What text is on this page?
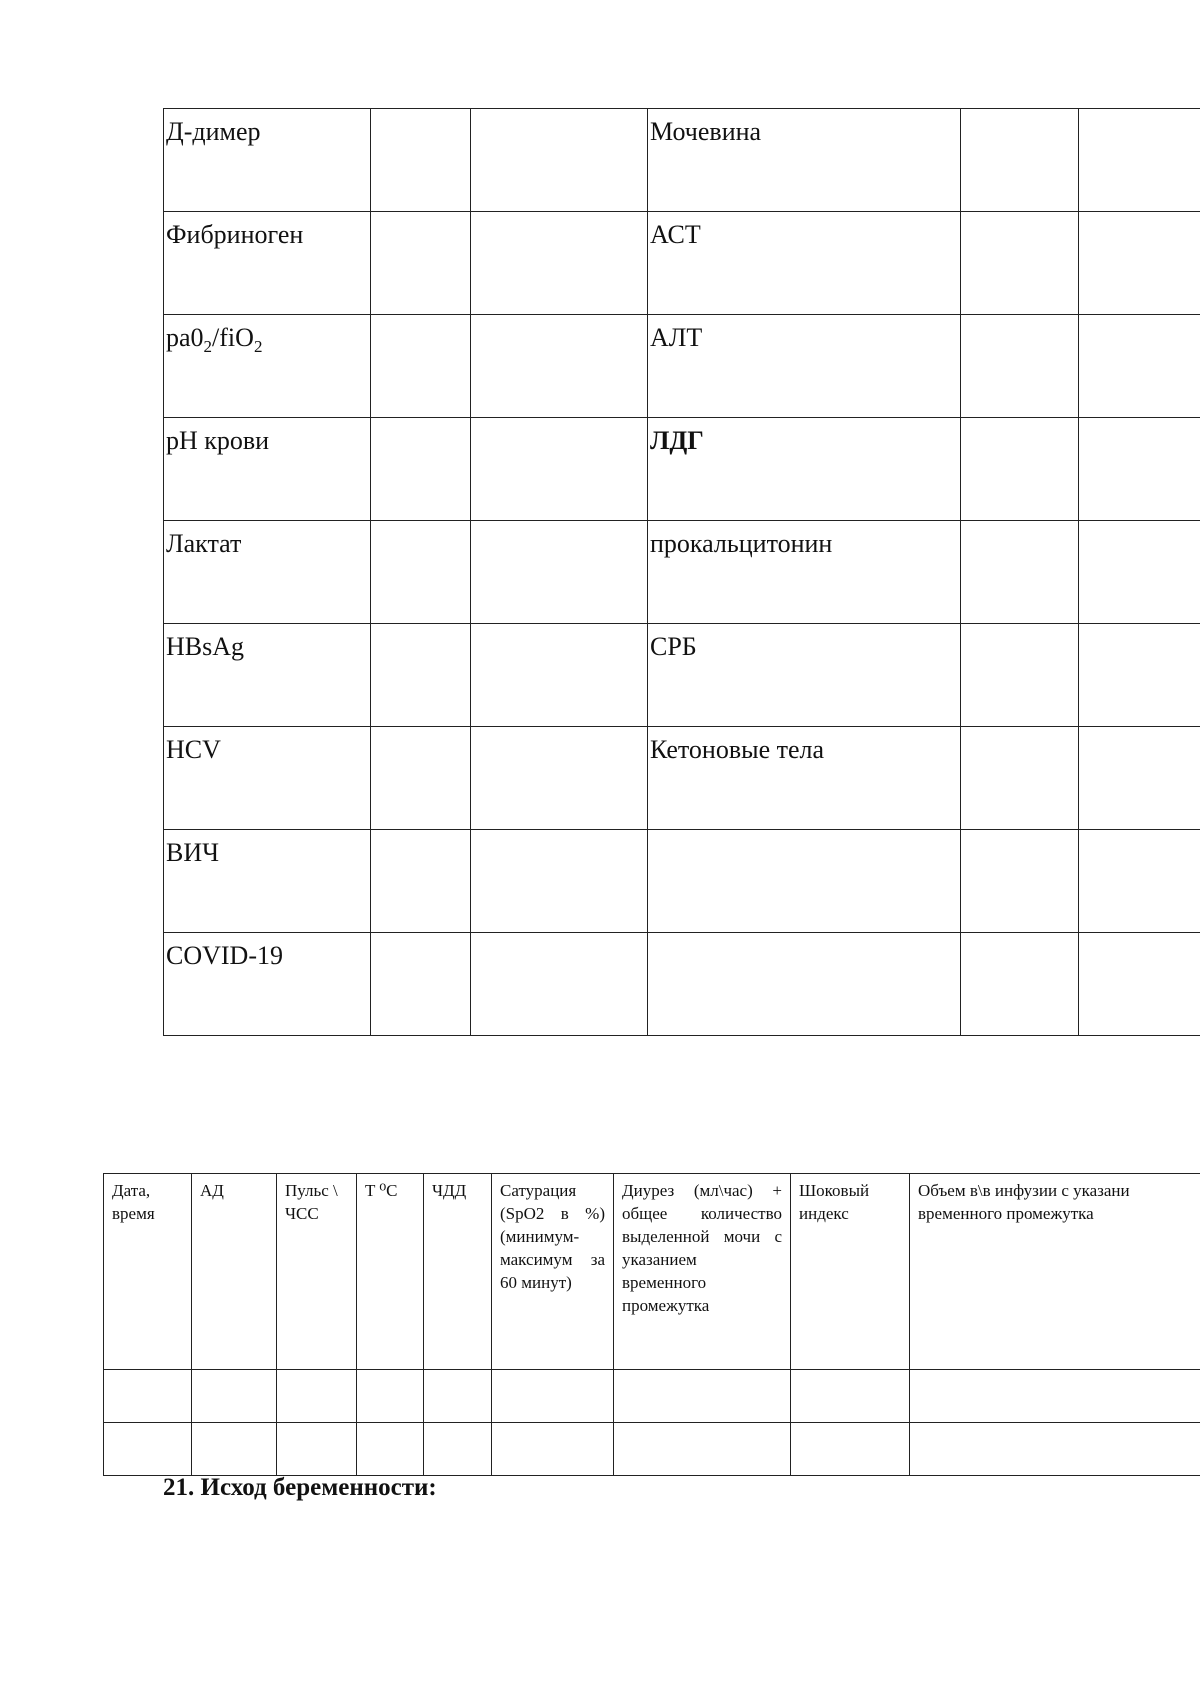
Д-димер			Мочевина		
Фибриноген			АСТ		
$pa0_2/fiO_2$			АЛТ		
pH крови			ЛДГ		
Лактат			прокальцитонин		
HBsAg			СРБ		
HCV			Кетоновые тела		
ВИЧ					
COVID-19					
Дата, время	АД	Пульс \ ЧСС	T ⁰C	ЧДД	Сатурация (SpO2 в %) (минимум-максимум за 60 минут)	Диурез (мл\час) + общее количество выделенной мочи с указанием временного промежутка	Шоковый индекс	Объем в\в инфузии с указани
временного промежутка

21. Исход беременности:
